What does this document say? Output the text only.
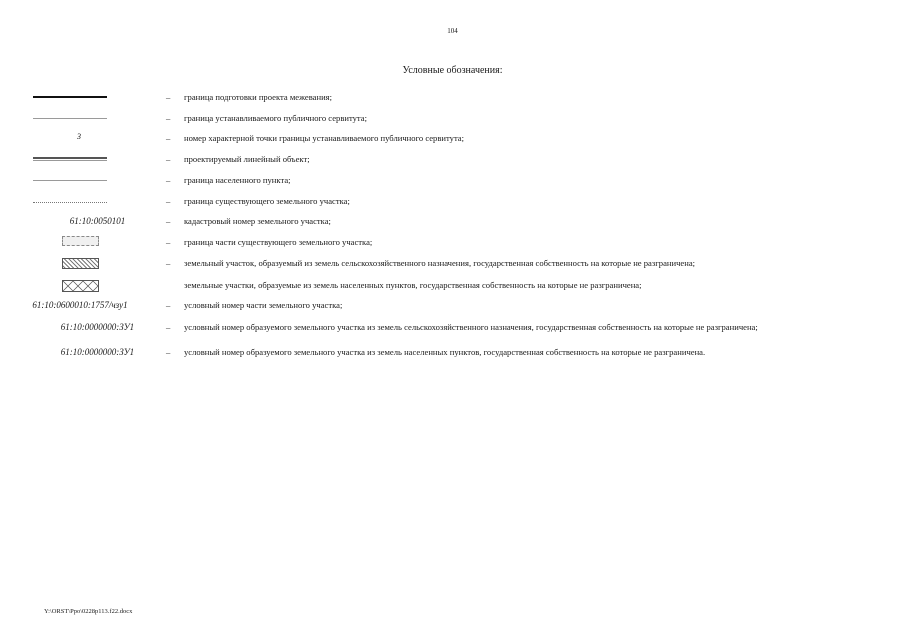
104
Условные обозначения:
– граница подготовки проекта межевания;
– граница устанавливаемого публичного сервитута;
3	– номер характерной точки границы устанавливаемого публичного сервитута;
– проектируемый линейный объект;
– граница населенного пункта;
– граница существующего земельного участка;
61:10:0050101	– кадастровый номер земельного участка;
– граница части существующего земельного участка;
– земельный участок, образуемый из земель сельскохозяйственного назначения, государственная собственность на которые не разграничена;
земельные участки, образуемые из земель населенных пунктов, государственная собственность на которые не разграничена;
61:10:0600010:1757/чзу1	– условный номер части земельного участка;
61:10:0000000:ЗУ1	– условный номер образуемого земельного участка из земель сельскохозяйственного назначения, государственная собственность на которые не разграничена;
61:10:0000000:ЗУ1	– условный номер образуемого земельного участка из земель населенных пунктов, государственная собственность на которые не разграничена.
Y:\ORST\Ppo\0228p113.f22.docx
